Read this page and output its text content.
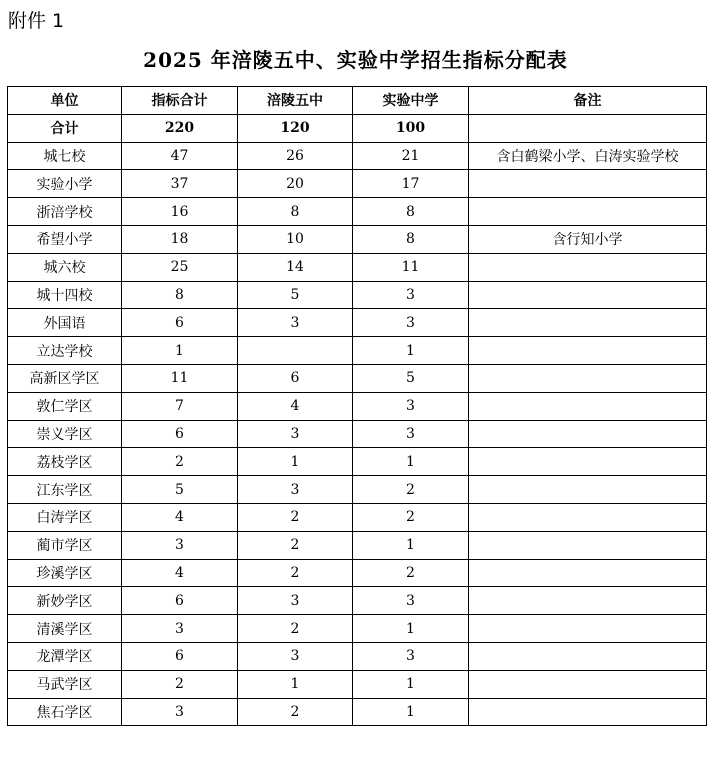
附件 1
2025 年涪陵五中、实验中学招生指标分配表
单位	指标合计	涪陵五中	实验中学	备注
合计	220	120	100	
城七校	47	26	21	含白鹤梁小学、白涛实验学校
实验小学	37	20	17	
浙涪学校	16	8	8	
希望小学	18	10	8	含行知小学
城六校	25	14	11	
城十四校	8	5	3	
外国语	6	3	3	
立达学校	1		1	
高新区学区	11	6	5	
敦仁学区	7	4	3	
崇义学区	6	3	3	
荔枝学区	2	1	1	
江东学区	5	3	2	
白涛学区	4	2	2	
蔺市学区	3	2	1	
珍溪学区	4	2	2	
新妙学区	6	3	3	
清溪学区	3	2	1	
龙潭学区	6	3	3	
马武学区	2	1	1	
焦石学区	3	2	1	
